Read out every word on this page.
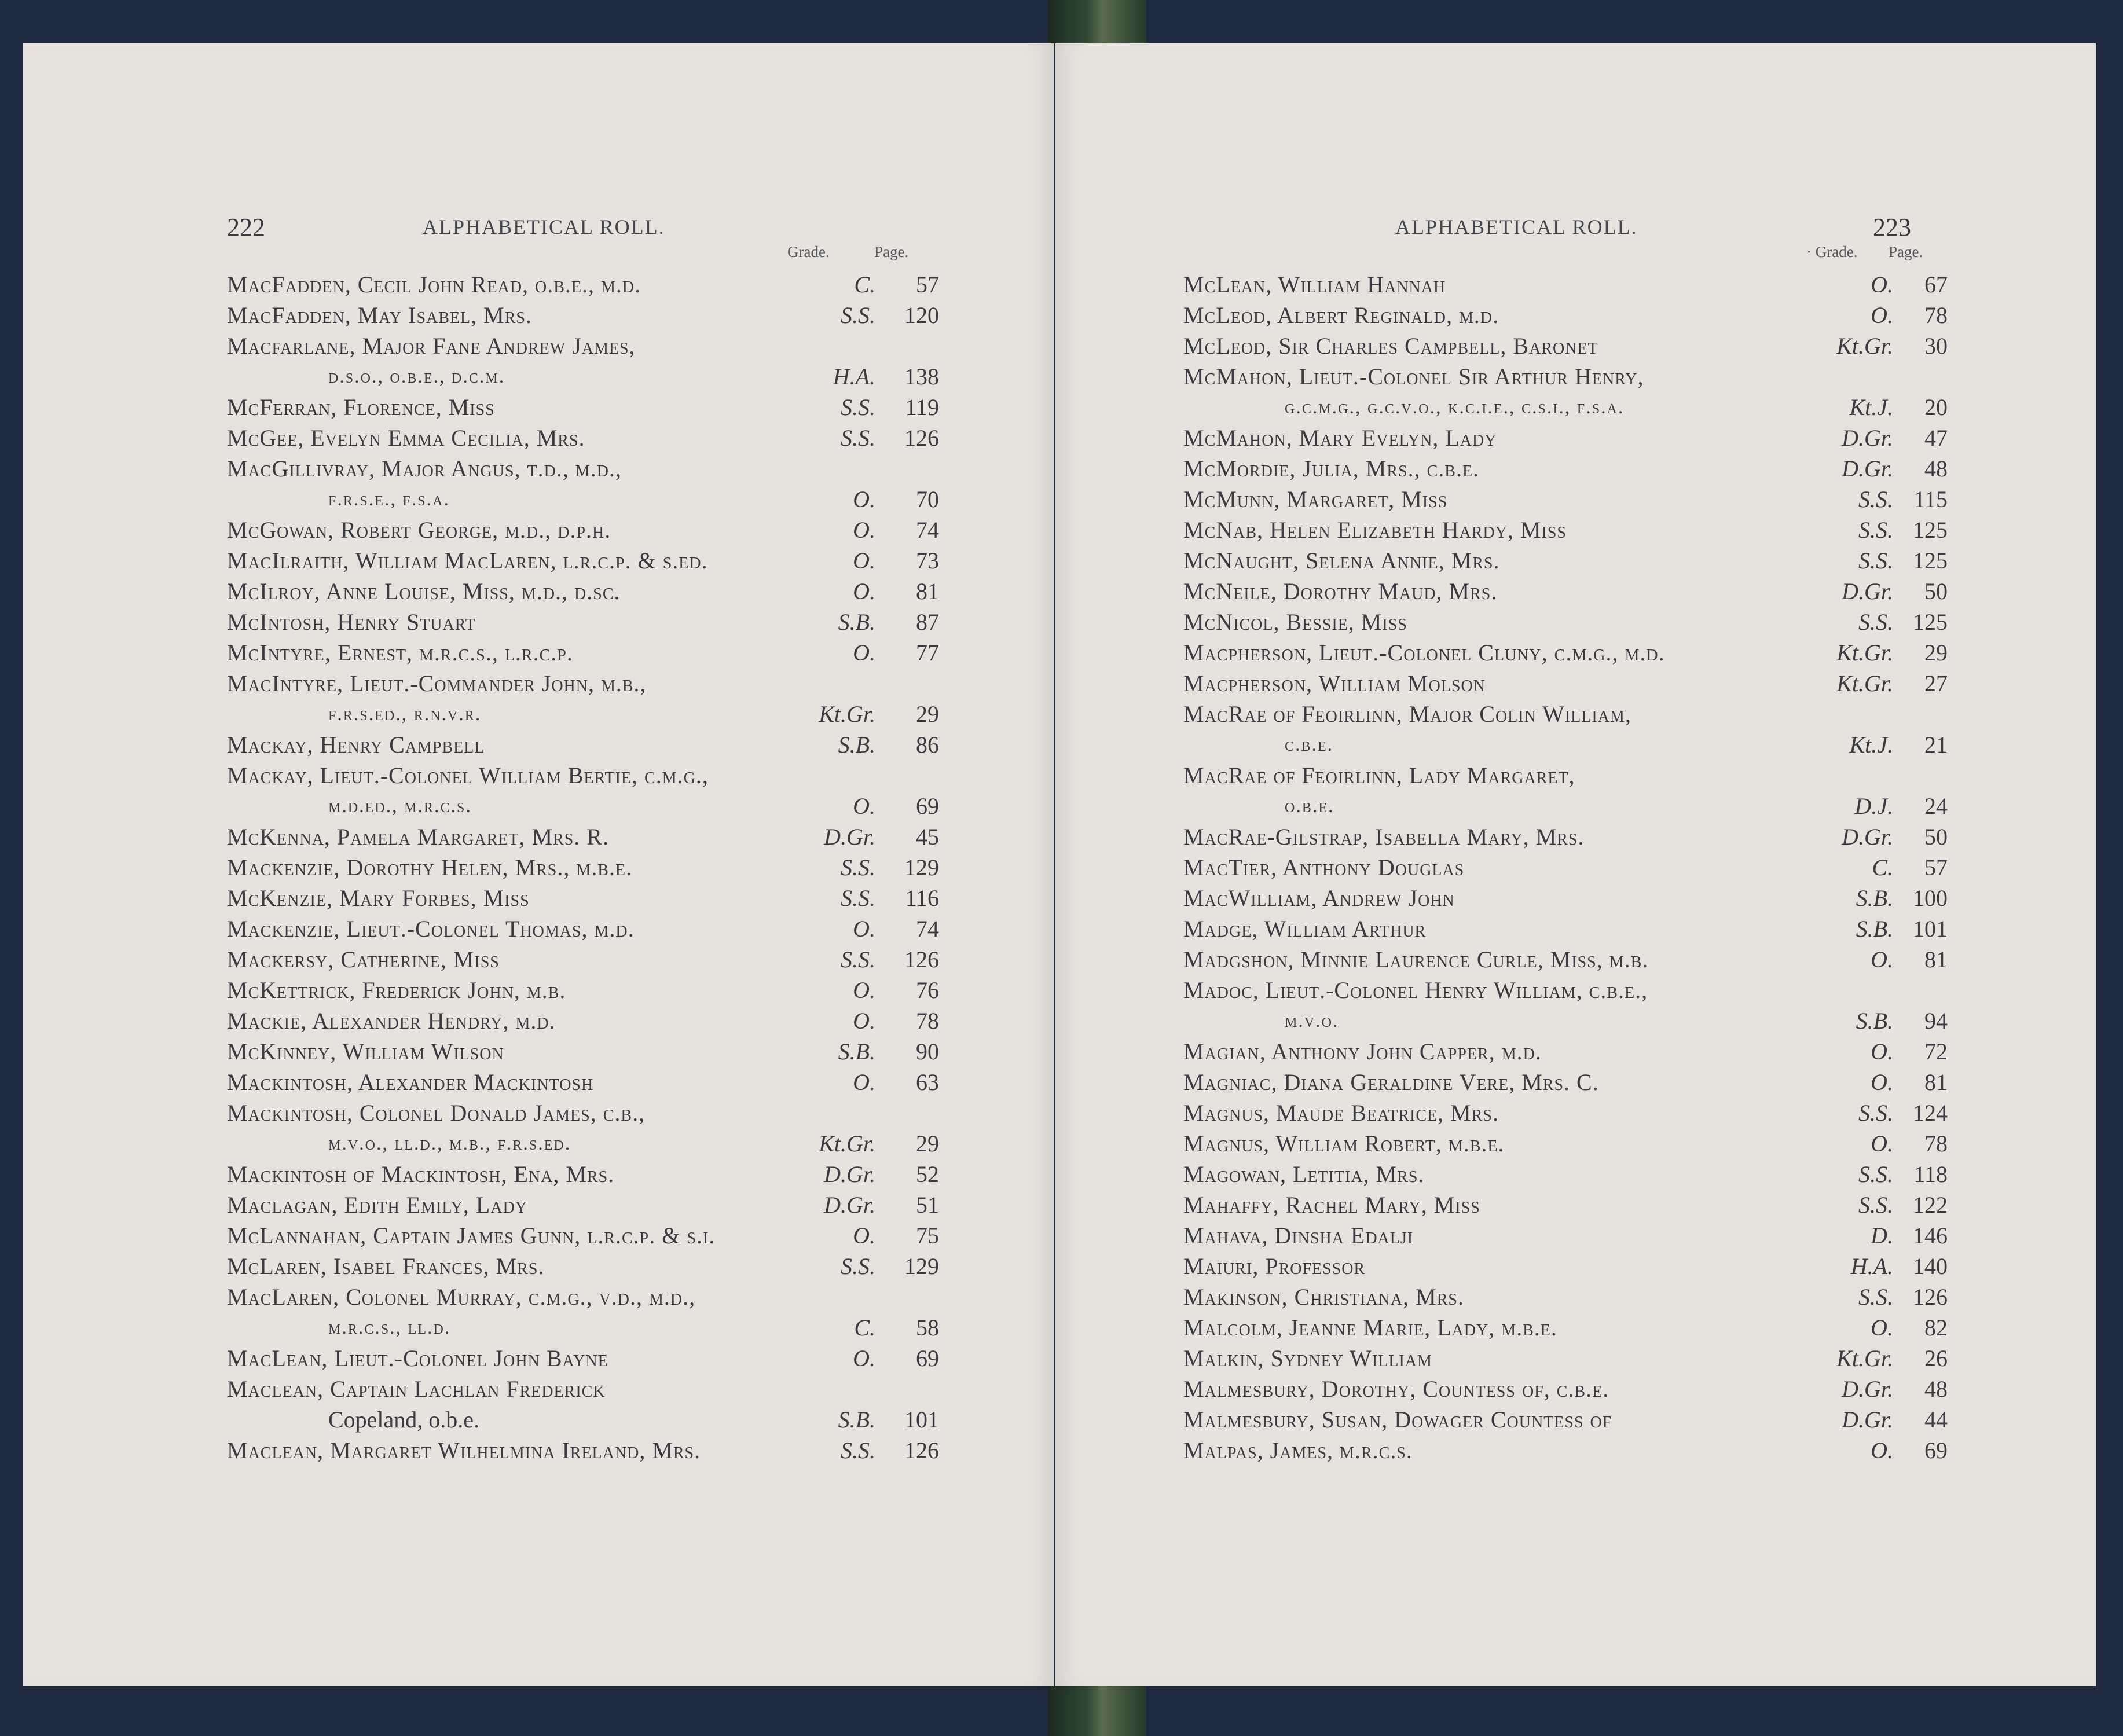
222	ALPHABETICAL ROLL.
Grade.	Page.
MacFadden, Cecil John Read, o.b.e., m.d.	C.	57
MacFadden, May Isabel, Mrs.	S.S.	120
Macfarlane, Major Fane Andrew James,
d.s.o., o.b.e., d.c.m.	H.A.	138
McFerran, Florence, Miss	S.S.	119
McGee, Evelyn Emma Cecilia, Mrs.	S.S.	126
MacGillivray, Major Angus, t.d., m.d.,
f.r.s.e., f.s.a.	O.	70
McGowan, Robert George, m.d., d.p.h.	O.	74
MacIlraith, William MacLaren, l.r.c.p. & s.ed.	O.	73
McIlroy, Anne Louise, Miss, m.d., d.sc.	O.	81
McIntosh, Henry Stuart	S.B.	87
McIntyre, Ernest, m.r.c.s., l.r.c.p.	O.	77
MacIntyre, Lieut.-Commander John, m.b.,
f.r.s.ed., r.n.v.r.	Kt.Gr.	29
Mackay, Henry Campbell	S.B.	86
Mackay, Lieut.-Colonel William Bertie, c.m.g.,
m.d.ed., m.r.c.s.	O.	69
McKenna, Pamela Margaret, Mrs. R.	D.Gr.	45
Mackenzie, Dorothy Helen, Mrs., m.b.e.	S.S.	129
McKenzie, Mary Forbes, Miss	S.S.	116
Mackenzie, Lieut.-Colonel Thomas, m.d.	O.	74
Mackersy, Catherine, Miss	S.S.	126
McKettrick, Frederick John, m.b.	O.	76
Mackie, Alexander Hendry, m.d.	O.	78
McKinney, William Wilson	S.B.	90
Mackintosh, Alexander Mackintosh	O.	63
Mackintosh, Colonel Donald James, c.b.,
m.v.o., ll.d., m.b., f.r.s.ed.	Kt.Gr.	29
Mackintosh of Mackintosh, Ena, Mrs.	D.Gr.	52
Maclagan, Edith Emily, Lady	D.Gr.	51
McLannahan, Captain James Gunn, l.r.c.p. & s.i.	O.	75
McLaren, Isabel Frances, Mrs.	S.S.	129
MacLaren, Colonel Murray, c.m.g., v.d., m.d.,
m.r.c.s., ll.d.	C.	58
MacLean, Lieut.-Colonel John Bayne	O.	69
Maclean, Captain Lachlan Frederick
Copeland, o.b.e.	S.B.	101
Maclean, Margaret Wilhelmina Ireland, Mrs.	S.S.	126
223
ALPHABETICAL ROLL.
· Grade. Page.
McLean, William Hannah	O.	67
McLeod, Albert Reginald, m.d.	O.	78
McLeod, Sir Charles Campbell, Baronet	Kt.Gr.	30
McMahon, Lieut.-Colonel Sir Arthur Henry,
g.c.m.g., g.c.v.o., k.c.i.e., c.s.i., f.s.a.	Kt.J.	20
McMahon, Mary Evelyn, Lady	D.Gr.	47
McMordie, Julia, Mrs., c.b.e.	D.Gr.	48
McMunn, Margaret, Miss	S.S. 115
McNab, Helen Elizabeth Hardy, Miss	S.S. 125
McNaught, Selena Annie, Mrs.	S.S. 125
McNeile, Dorothy Maud, Mrs.	D.Gr.	50
McNicol, Bessie, Miss	S.S. 125
Macpherson, Lieut.-Colonel Cluny, c.m.g., m.d.	Kt.Gr.	29
Macpherson, William Molson	Kt.Gr.	27
MacRae of Feoirlinn, Major Colin William,
c.b.e.	Kt.J.	21
MacRae of Feoirlinn, Lady Margaret,
o.b.e.	D.J.	24
MacRae-Gilstrap, Isabella Mary, Mrs.	D.Gr.	50
MacTier, Anthony Douglas	C.	57
MacWilliam, Andrew John	S.B. 100
Madge, William Arthur	S.B. 101
Madgshon, Minnie Laurence Curle, Miss, m.b.	O.	81
Madoc, Lieut.-Colonel Henry William, c.b.e.,
m.v.o.	S.B.	94
Magian, Anthony John Capper, m.d.	O.	72
Magniac, Diana Geraldine Vere, Mrs. C.	O.	81
Magnus, Maude Beatrice, Mrs.	S.S. 124
Magnus, William Robert, m.b.e.	O.	78
Magowan, Letitia, Mrs.	S.S. 118
Mahaffy, Rachel Mary, Miss	S.S. 122
Mahava, Dinsha Edalji	D. 146
Maiuri, Professor	H.A. 140
Makinson, Christiana, Mrs.	S.S. 126
Malcolm, Jeanne Marie, Lady, m.b.e.	O.	82
Malkin, Sydney William	Kt.Gr.	26
Malmesbury, Dorothy, Countess of, c.b.e.	D.Gr.	48
Malmesbury, Susan, Dowager Countess of	D.Gr.	44
Malpas, James, m.r.c.s.	O.	69
